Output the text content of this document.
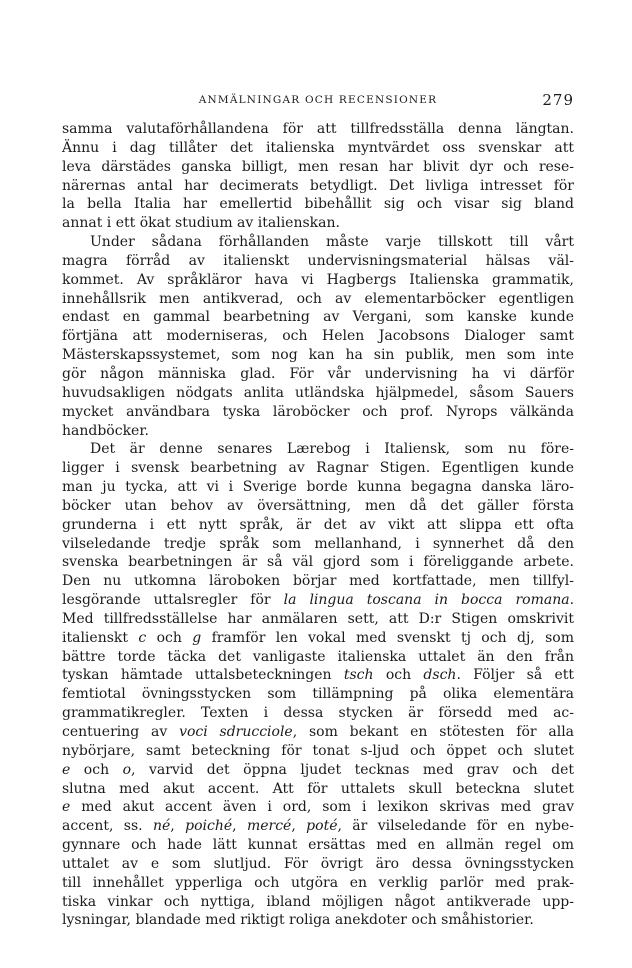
ANMÄLNINGAR OCH RECENSIONER	279
samma valutaförhållandena för att tillfredsställa denna längtan.
Ännu i dag tillåter det italienska myntvärdet oss svenskar att
leva därstädes ganska billigt, men resan har blivit dyr och rese-
närernas antal har decimerats betydligt. Det livliga intresset för
la bella Italia har emellertid bibehållit sig och visar sig bland
annat i ett ökat studium av italienskan.
Under sådana förhållanden måste varje tillskott till vårt
magra förråd av italienskt undervisningsmaterial hälsas väl-
kommet. Av språkläror hava vi Hagbergs Italienska grammatik,
innehållsrik men antikverad, och av elementarböcker egentligen
endast en gammal bearbetning av Vergani, som kanske kunde
förtjäna att moderniseras, och Helen Jacobsons Dialoger samt
Mästerskapssystemet, som nog kan ha sin publik, men som inte
gör någon människa glad. För vår undervisning ha vi därför
huvudsakligen nödgats anlita utländska hjälpmedel, såsom Sauers
mycket användbara tyska läroböcker och prof. Nyrops välkända
handböcker.
Det är denne senares Lærebog i Italiensk, som nu före-
ligger i svensk bearbetning av Ragnar Stigen. Egentligen kunde
man ju tycka, att vi i Sverige borde kunna begagna danska läro-
böcker utan behov av översättning, men då det gäller första
grunderna i ett nytt språk, är det av vikt att slippa ett ofta
vilseledande tredje språk som mellanhand, i synnerhet då den
svenska bearbetningen är så väl gjord som i föreliggande arbete.
Den nu utkomna läroboken börjar med kortfattade, men tillfyl-
lesgörande uttalsregler för la lingua toscana in bocca romana.
Med tillfredsställelse har anmälaren sett, att D:r Stigen omskrivit
italienskt c och g framför len vokal med svenskt tj och dj, som
bättre torde täcka det vanligaste italienska uttalet än den från
tyskan hämtade uttalsbeteckningen tsch och dsch. Följer så ett
femtiotal övningsstycken som tillämpning på olika elementära
grammatikregler. Texten i dessa stycken är försedd med ac-
centuering av voci sdrucciole, som bekant en stötesten för alla
nybörjare, samt beteckning för tonat s-ljud och öppet och slutet
e och o, varvid det öppna ljudet tecknas med grav och det
slutna med akut accent. Att för uttalets skull beteckna slutet
e med akut accent även i ord, som i lexikon skrivas med grav
accent, ss. né, poiché, mercé, poté, är vilseledande för en nybe-
gynnare och hade lätt kunnat ersättas med en allmän regel om
uttalet av e som slutljud. För övrigt äro dessa övningsstycken
till innehållet ypperliga och utgöra en verklig parlör med prak-
tiska vinkar och nyttiga, ibland möjligen något antikverade upp-
lysningar, blandade med riktigt roliga anekdoter och småhistorier.
